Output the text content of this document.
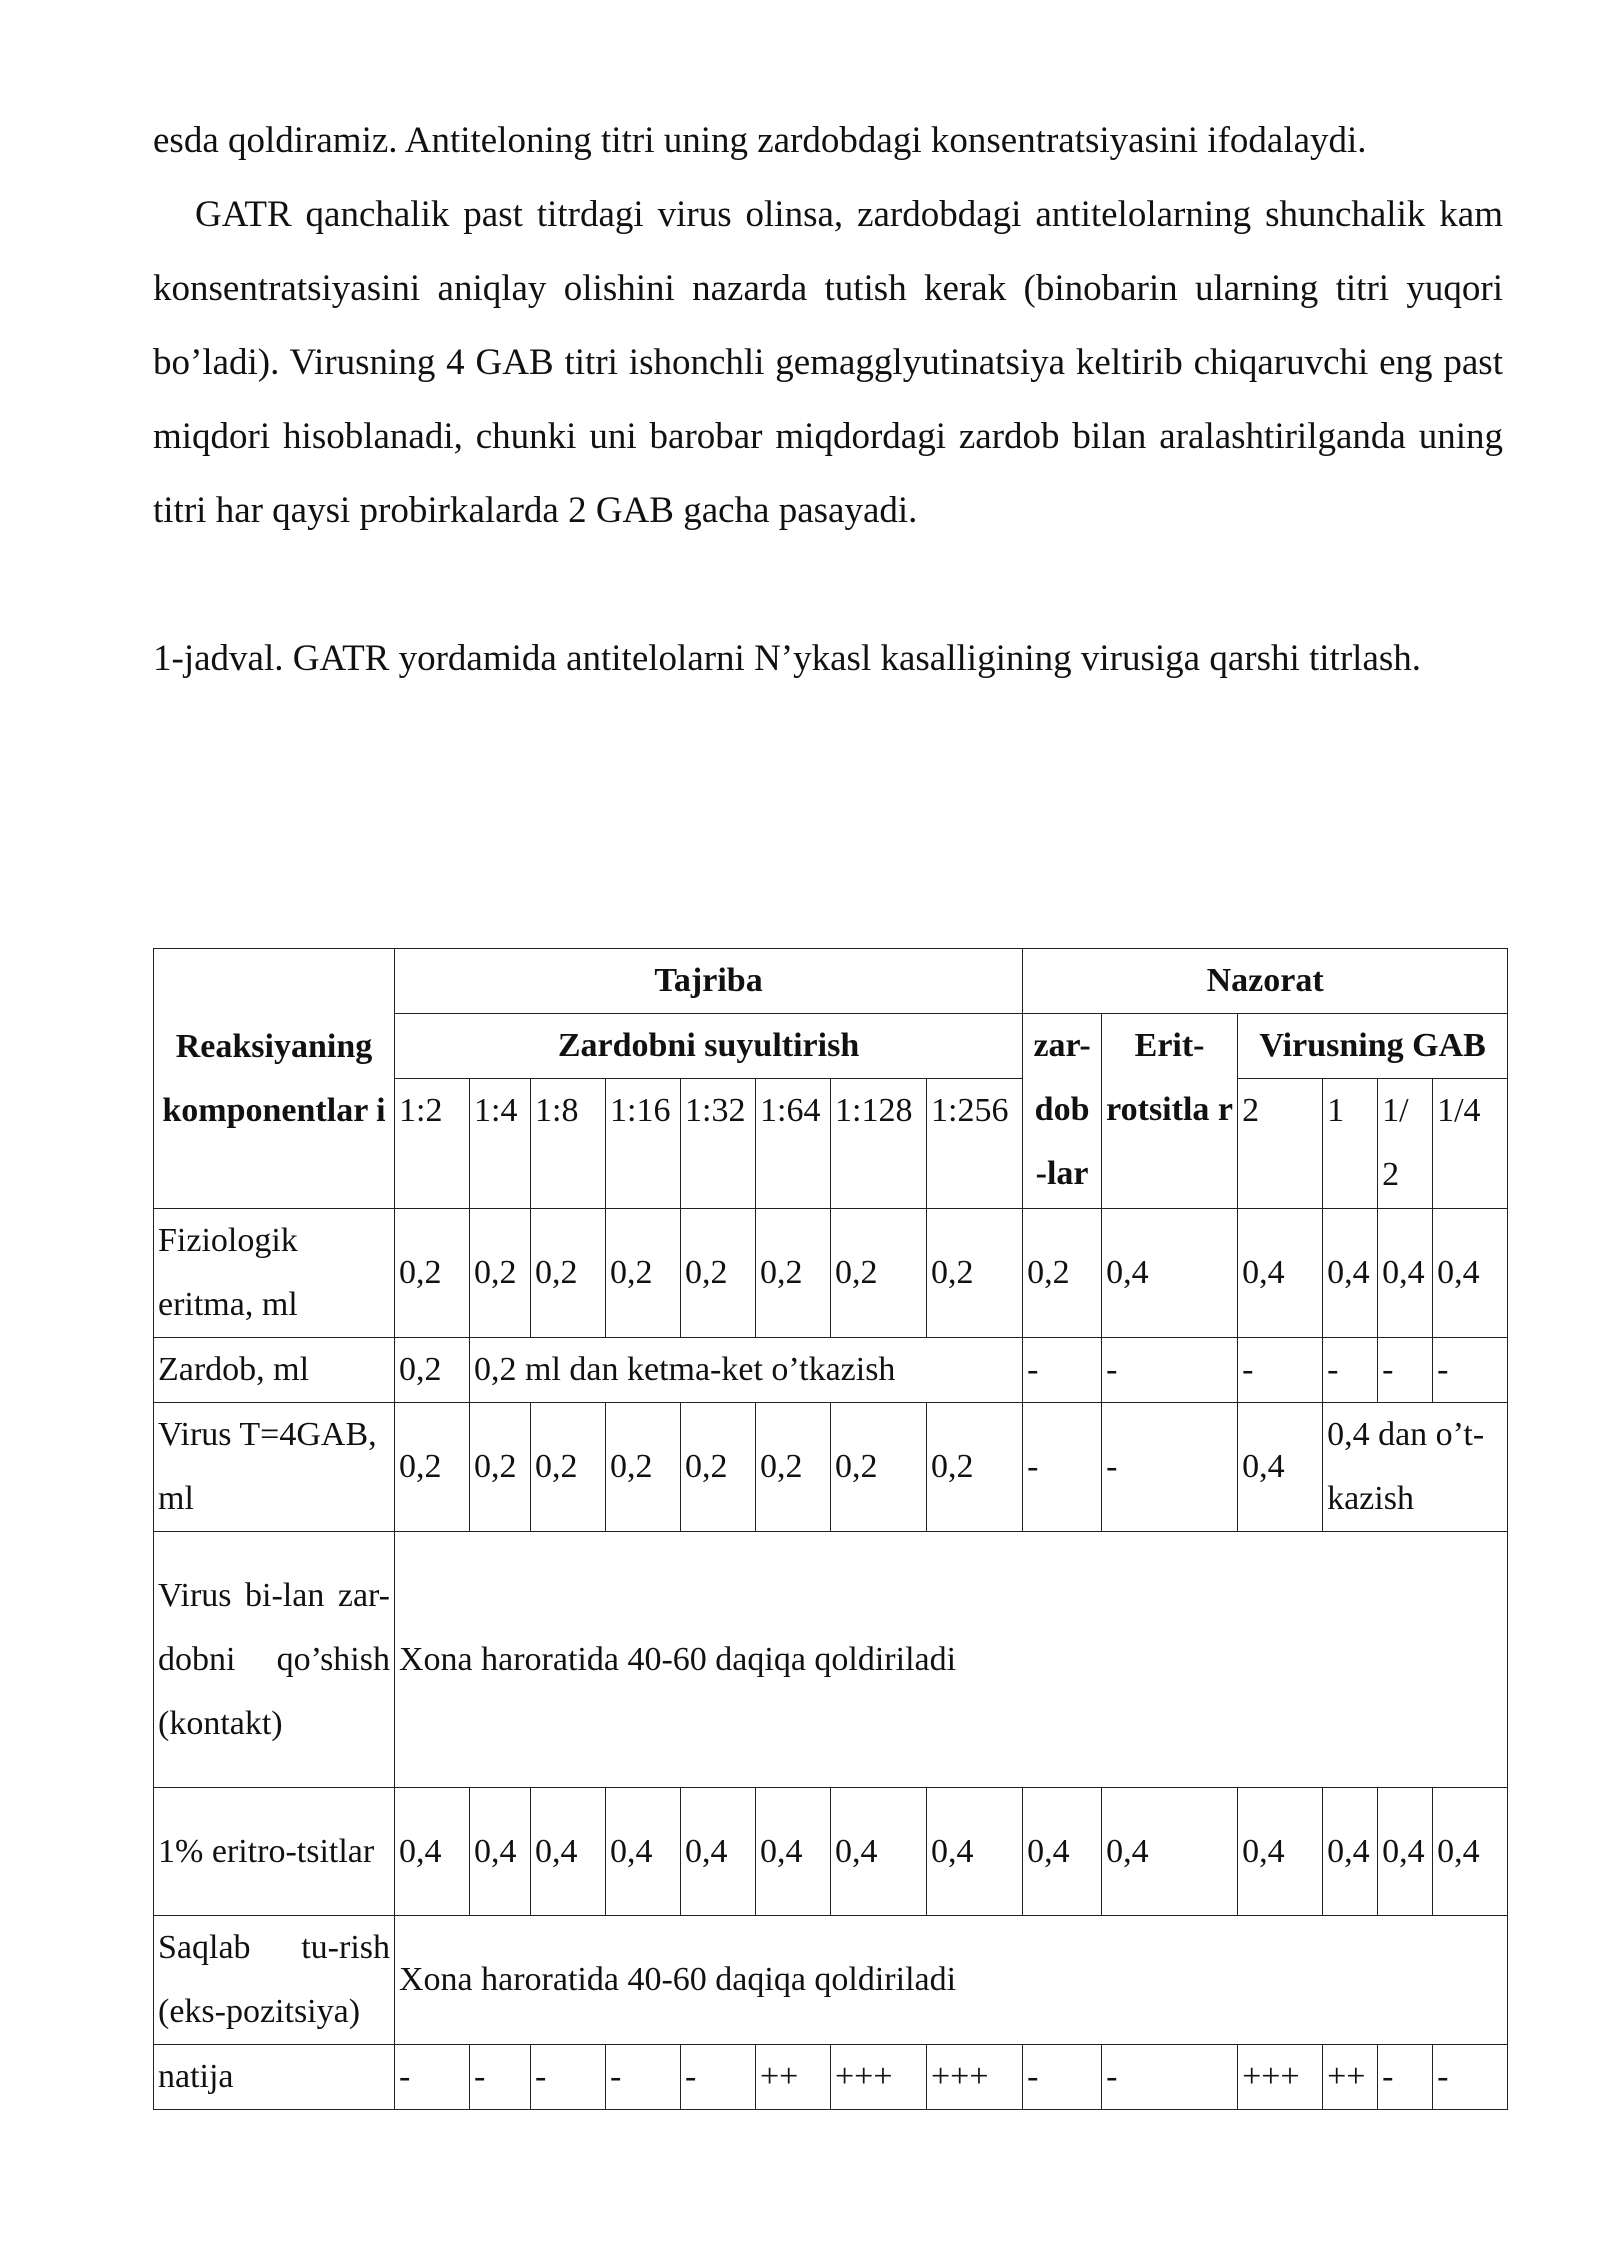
esda qoldiramiz. Antiteloning titri uning zardobdagi konsentratsiyasini ifodalaydi.

GATR qanchalik past titrdagi virus olinsa, zardobdagi antitelolarning shunchalik kam konsentratsiyasini aniqlay olishini nazarda tutish kerak (binobarin ularning titri yuqori bo’ladi). Virusning 4 GAB titri ishonchli gemagglyutinatsiya keltirib chiqaruvchi eng past miqdori hisoblanadi, chunki uni barobar miqdordagi zardob bilan aralashtirilganda uning titri har qaysi probirkalarda 2 GAB gacha pasayadi.

1-jadval. GATR yordamida antitelolarni N’ykasl kasalligining virusiga qarshi titrlash.

Reaksiyaning komponentlar i	Tajriba								Nazorat					
	Zardobni suyultirish								zar-dob -lar	Erit-rotsitla r	Virusning GAB			
	1:2	1:4	1:8	1:16	1:32	1:64	1:128	1:256			2	1	1/ 2	1/4
Fiziologik eritma, ml	0,2	0,2	0,2	0,2	0,2	0,2	0,2	0,2	0,2	0,4	0,4	0,4	0,4	0,4
Zardob, ml	0,2	0,2 ml dan ketma-ket o’tkazish							-	-	-	-	-	-
Virus T=4GAB, ml	0,2	0,2	0,2	0,2	0,2	0,2	0,2	0,2	-	-	0,4	0,4 dan o’t-kazish		
Virus bi-lan zar-dobni qo’shish (kontakt)	Xona haroratida 40-60 daqiqa qoldiriladi													
1% eritro-tsitlar	0,4	0,4	0,4	0,4	0,4	0,4	0,4	0,4	0,4	0,4	0,4	0,4	0,4	0,4
Saqlab tu-rish (eks-pozitsiya)	Xona haroratida 40-60 daqiqa qoldiriladi													
natija	-	-	-	-	-	++	+++	+++	-	-	+++	++	-	-
